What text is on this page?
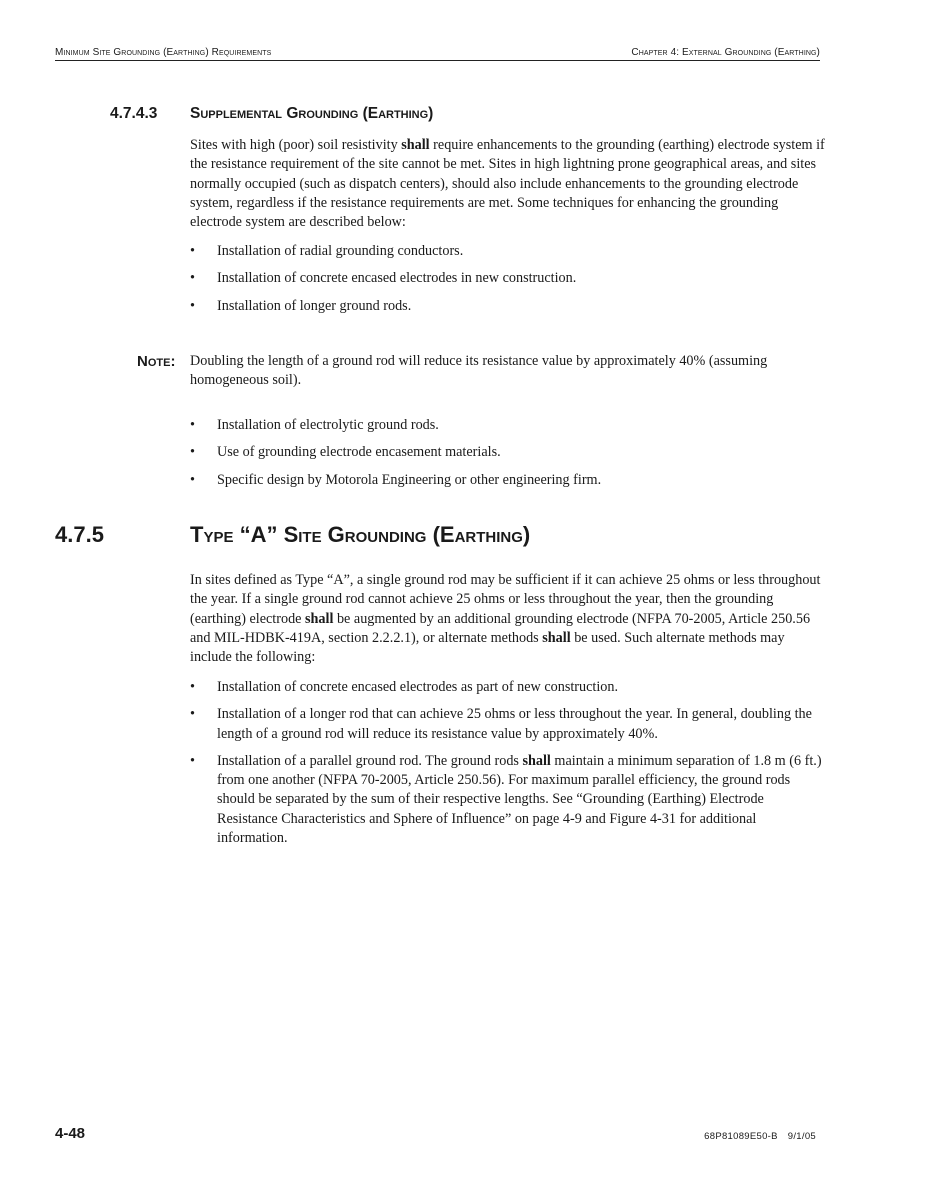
Minimum Site Grounding (Earthing) Requirements	Chapter 4: External Grounding (Earthing)
4.7.4.3 Supplemental Grounding (Earthing)

Sites with high (poor) soil resistivity shall require enhancements to the grounding (earthing) electrode system if the resistance requirement of the site cannot be met. Sites in high lightning prone geographical areas, and sites normally occupied (such as dispatch centers), should also include enhancements to the grounding electrode system, regardless if the resistance requirements are met. Some techniques for enhancing the grounding electrode system are described below:

• Installation of radial grounding conductors.
• Installation of concrete encased electrodes in new construction.
• Installation of longer ground rods.
Note: Doubling the length of a ground rod will reduce its resistance value by approximately 40% (assuming homogeneous soil).
• Installation of electrolytic ground rods.
• Use of grounding electrode encasement materials.
• Specific design by Motorola Engineering or other engineering firm.
4.7.5	Type “A” Site Grounding (Earthing)

In sites defined as Type “A”, a single ground rod may be sufficient if it can achieve 25 ohms or less throughout the year. If a single ground rod cannot achieve 25 ohms or less throughout the year, then the grounding (earthing) electrode shall be augmented by an additional grounding electrode (NFPA 70-2005, Article 250.56 and MIL-HDBK-419A, section 2.2.2.1), or alternate methods shall be used. Such alternate methods may include the following:

• Installation of concrete encased electrodes as part of new construction.
• Installation of a longer rod that can achieve 25 ohms or less throughout the year. In general, doubling the length of a ground rod will reduce its resistance value by approximately 40%.
• Installation of a parallel ground rod. The ground rods shall maintain a minimum separation of 1.8 m (6 ft.) from one another (NFPA 70-2005, Article 250.56). For maximum parallel efficiency, the ground rods should be separated by the sum of their respective lengths. See “Grounding (Earthing) Electrode Resistance Characteristics and Sphere of Influence” on page 4-9 and Figure 4-31 for additional information.
4-48	68P81089E50-B 9/1/05
